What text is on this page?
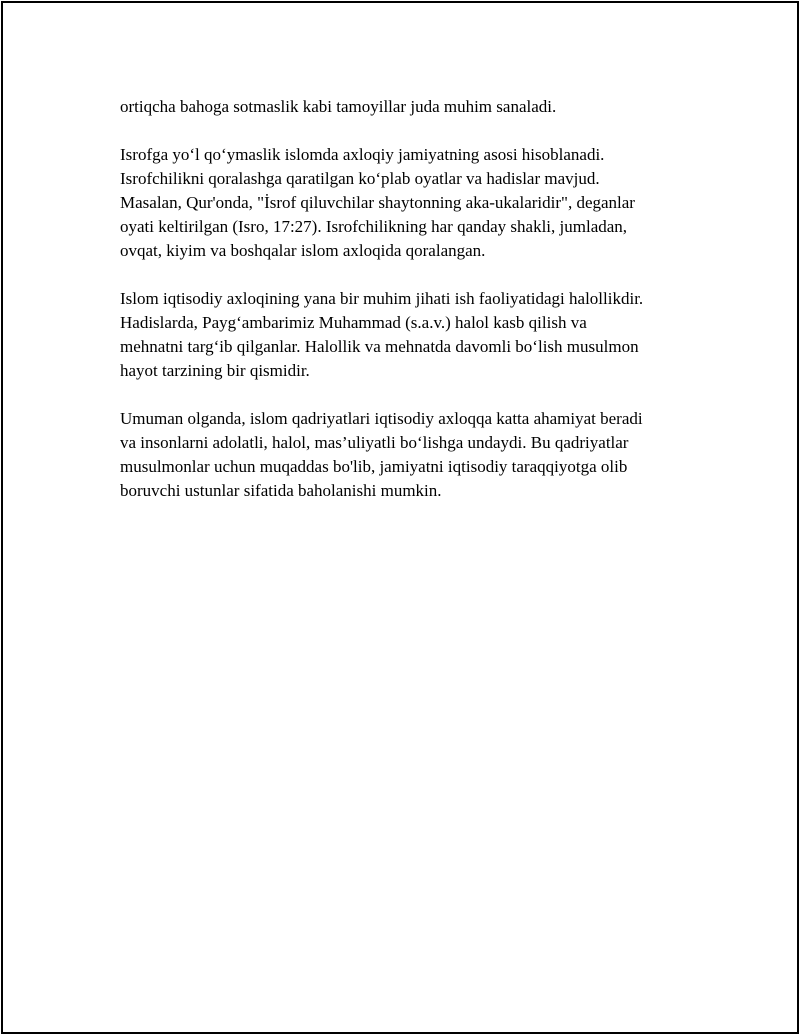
ortiqcha bahoga sotmaslik kabi tamoyillar juda muhim sanaladi.

Isrofga yo‘l qo‘ymaslik islomda axloqiy jamiyatning asosi hisoblanadi.
Isrofchilikni qoralashga qaratilgan ko‘plab oyatlar va hadislar mavjud.
Masalan, Qur'onda, "İsrof qiluvchilar shaytonning aka-ukalaridir", deganlar
oyati keltirilgan (Isro, 17:27). Isrofchilikning har qanday shakli, jumladan,
ovqat, kiyim va boshqalar islom axloqida qoralangan.

Islom iqtisodiy axloqining yana bir muhim jihati ish faoliyatidagi halollikdir.
Hadislarda, Payg‘ambarimiz Muhammad (s.a.v.) halol kasb qilish va
mehnatni targ‘ib qilganlar. Halollik va mehnatda davomli bo‘lish musulmon
hayot tarzining bir qismidir.

Umuman olganda, islom qadriyatlari iqtisodiy axloqqa katta ahamiyat beradi
va insonlarni adolatli, halol, mas’uliyatli bo‘lishga undaydi. Bu qadriyatlar
musulmonlar uchun muqaddas bo'lib, jamiyatni iqtisodiy taraqqiyotga olib
boruvchi ustunlar sifatida baholanishi mumkin.
